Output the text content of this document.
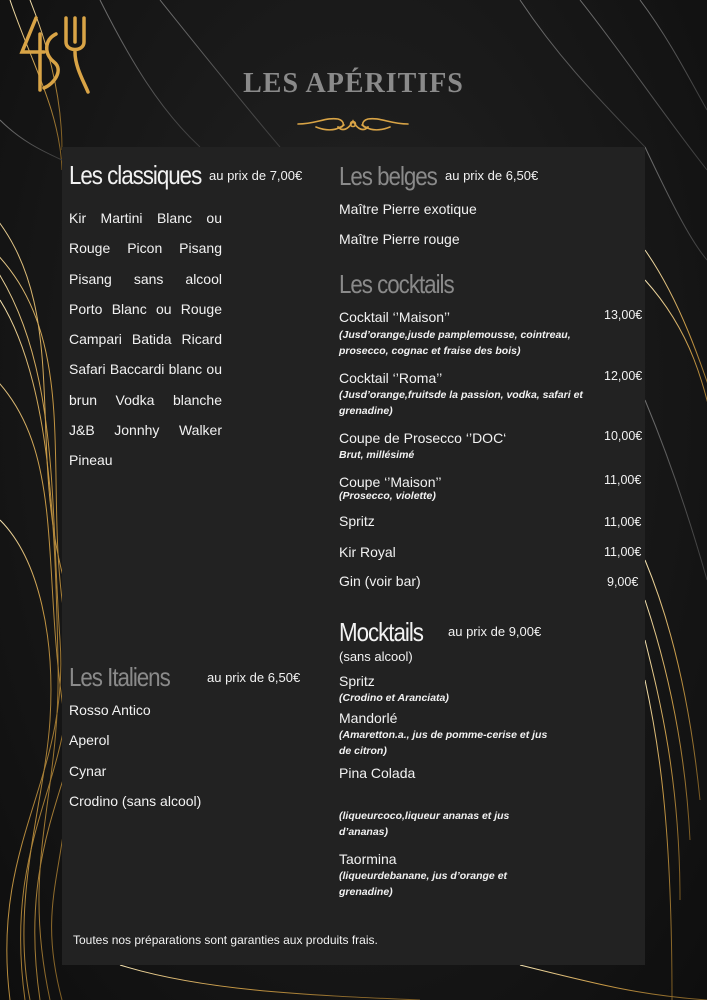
LES APÉRITIFS
Les classiques au prix de 7,00€
Kir Martini Blanc ou
Rouge Picon Pisang
Pisang sans alcool
Porto Blanc ou Rouge
Campari Batida Ricard
Safari Baccardi blanc ou
brun Vodka blanche
J&B Jonnhy Walker
Pineau
Les Italiens	au prix de 6,50€
Rosso Antico
Aperol
Cynar
Crodino (sans alcool)
Les belges au prix de 6,50€
Maître Pierre exotique
Maître Pierre rouge
Les cocktails
Cocktail ‘’Maison’’	13,00€
(Jusd’orange,jusde pamplemousse, cointreau, prosecco, cognac et fraise des bois)
Cocktail ‘’Roma’’	12,00€
(Jusd’orange,fruitsde la passion, vodka, safari et grenadine)
Coupe de Prosecco ‘’DOC‘	10,00€
Brut, millésimé
Coupe ‘’Maison’’	11,00€
(Prosecco, violette)
Spritz	11,00€
Kir Royal	11,00€
Gin (voir bar)	9,00€
Mocktails au prix de 9,00€
(sans alcool)
Spritz
(Crodino et Aranciata)
Mandorlé
(Amaretton.a., jus de pomme-cerise et jus de citron)
Pina Colada
(liqueurcoco,liqueur ananas et jus d’ananas)
Taormina
(liqueurdebanane, jus d’orange et grenadine)
Toutes nos préparations sont garanties aux produits frais.
